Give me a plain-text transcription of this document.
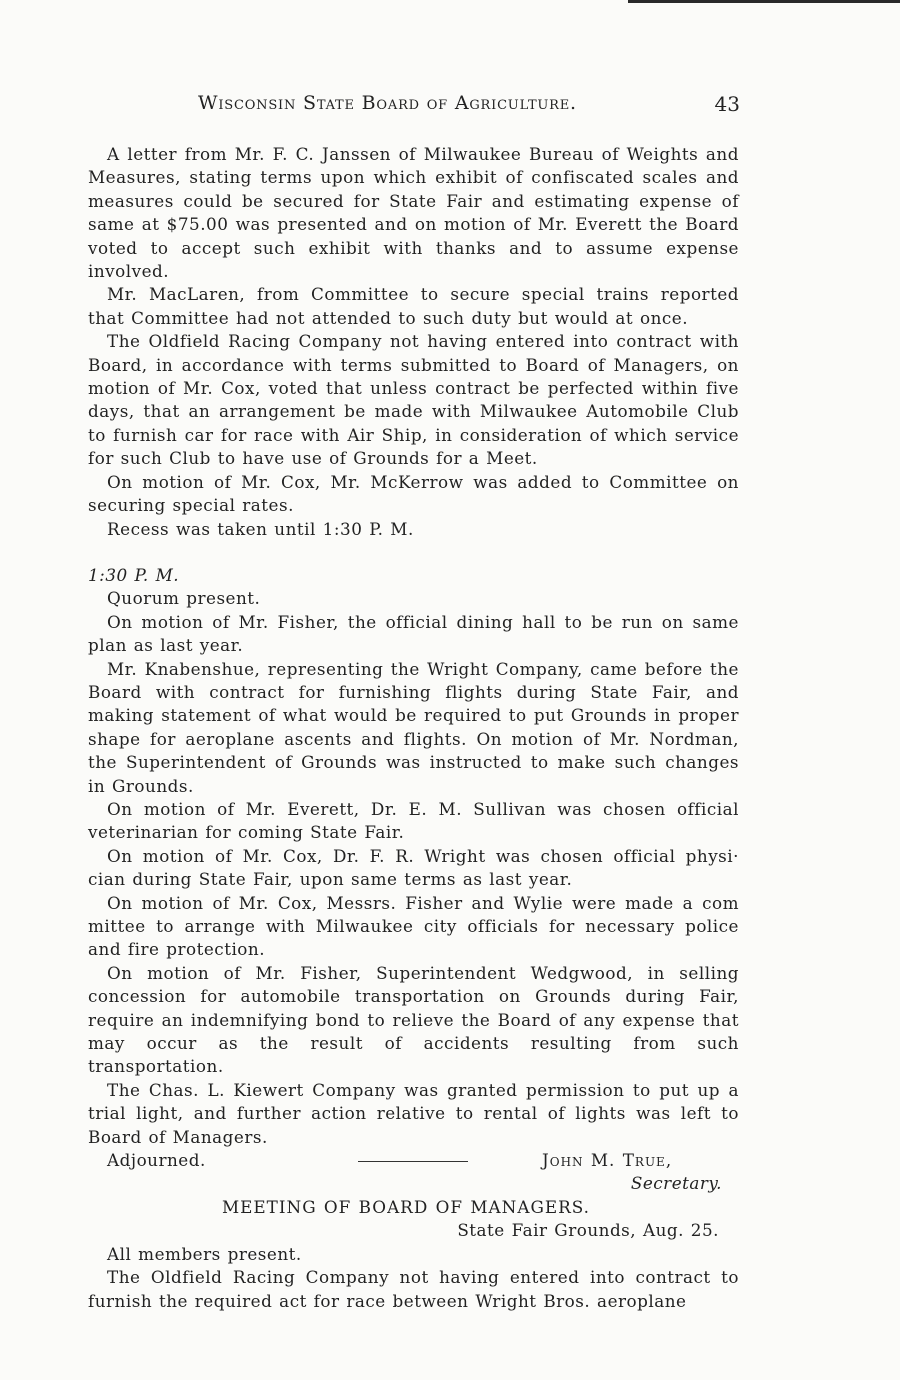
Wisconsin State Board of Agriculture.	43

A letter from Mr. F. C. Janssen of Milwaukee Bureau of Weights and Measures, stating terms upon which exhibit of confiscated scales and measures could be secured for State Fair and estimating expense of same at $75.00 was presented and on motion of Mr. Everett the Board voted to accept such exhibit with thanks and to assume expense involved.

Mr. MacLaren, from Committee to secure special trains reported that Committee had not attended to such duty but would at once.

The Oldfield Racing Company not having entered into contract with Board, in accordance with terms submitted to Board of Managers, on motion of Mr. Cox, voted that unless contract be perfected within five days, that an arrangement be made with Milwaukee Automobile Club to furnish car for race with Air Ship, in consideration of which service for such Club to have use of Grounds for a Meet.

On motion of Mr. Cox, Mr. McKerrow was added to Committee on securing special rates.

Recess was taken until 1:30 P. M.

1:30 P. M.

Quorum present.

On motion of Mr. Fisher, the official dining hall to be run on same plan as last year.

Mr. Knabenshue, representing the Wright Company, came before the Board with contract for furnishing flights during State Fair, and making statement of what would be required to put Grounds in proper shape for aeroplane ascents and flights. On motion of Mr. Nordman, the Superintendent of Grounds was instructed to make such changes in Grounds.

On motion of Mr. Everett, Dr. E. M. Sullivan was chosen official veterinarian for coming State Fair.

On motion of Mr. Cox, Dr. F. R. Wright was chosen official physi· cian during State Fair, upon same terms as last year.

On motion of Mr. Cox, Messrs. Fisher and Wylie were made a com mittee to arrange with Milwaukee city officials for necessary police and fire protection.

On motion of Mr. Fisher, Superintendent Wedgwood, in selling concession for automobile transportation on Grounds during Fair, require an indemnifying bond to relieve the Board of any expense that may occur as the result of accidents resulting from such transportation.

The Chas. L. Kiewert Company was granted permission to put up a trial light, and further action relative to rental of lights was left to Board of Managers.

Adjourned.	John M. True,
Secretary.

MEETING OF BOARD OF MANAGERS.

State Fair Grounds, Aug. 25.

All members present.

The Oldfield Racing Company not having entered into contract to furnish the required act for race between Wright Bros. aeroplane
